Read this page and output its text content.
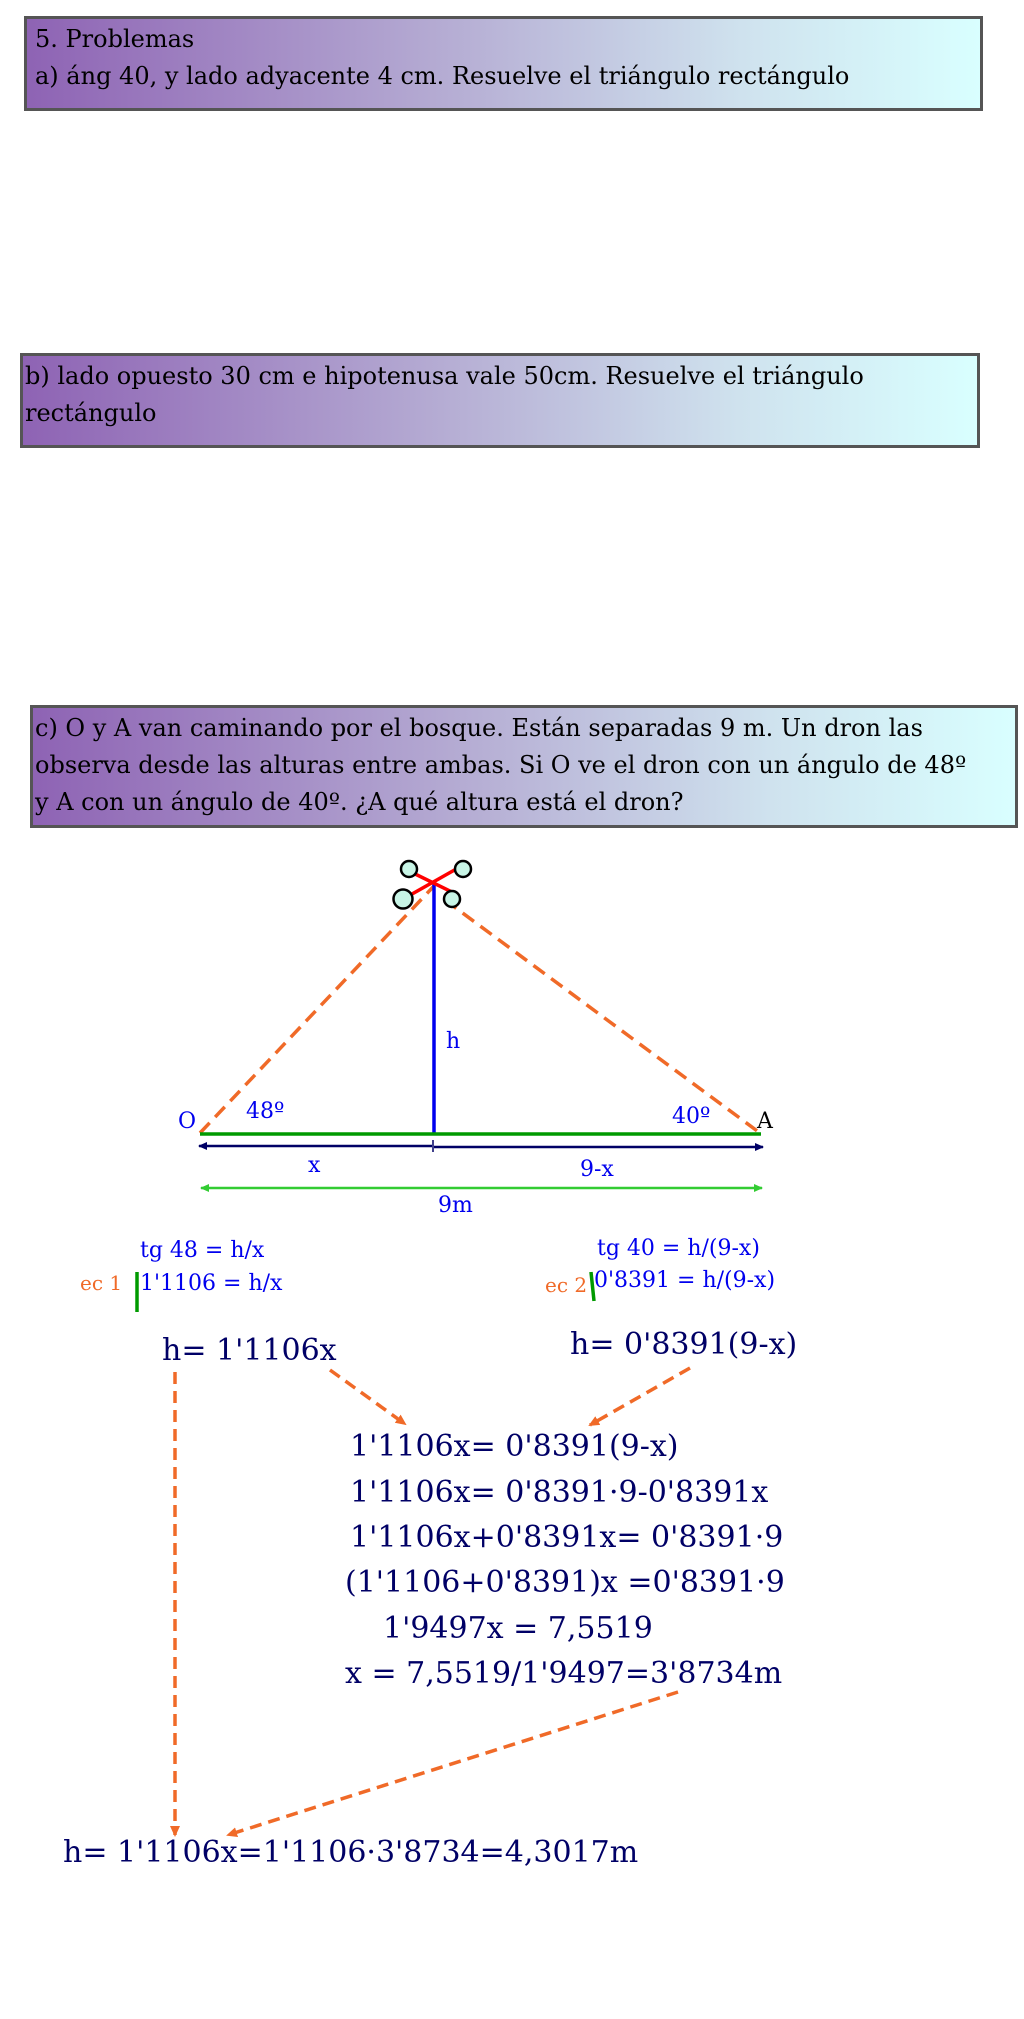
5. Problemas
a) áng 40, y lado adyacente 4 cm. Resuelve el triángulo rectángulo
b) lado opuesto 30 cm e hipotenusa vale 50cm. Resuelve el triángulo
rectángulo
c) O y A van caminando por el bosque. Están separadas 9 m. Un dron las
observa desde las alturas entre ambas. Si O ve el dron con un ángulo de 48º
y A con un ángulo de 40º. ¿A qué altura está el dron?
O	A
h
48º	40º
x	9-x
9m
tg 48 = h/x
ec 1 1'1106 = h/x
tg 40 = h/(9-x)
ec 2 0'8391 = h/(9-x)
h= 1'1106x	h= 0'8391(9-x)
1'1106x= 0'8391(9-x)
1'1106x= 0'8391·9-0'8391x
1'1106x+0'8391x= 0'8391·9
(1'1106+0'8391)x =0'8391·9
1'9497x = 7,5519
x = 7,5519/1'9497=3'8734m
h= 1'1106x=1'1106·3'8734=4,3017m
